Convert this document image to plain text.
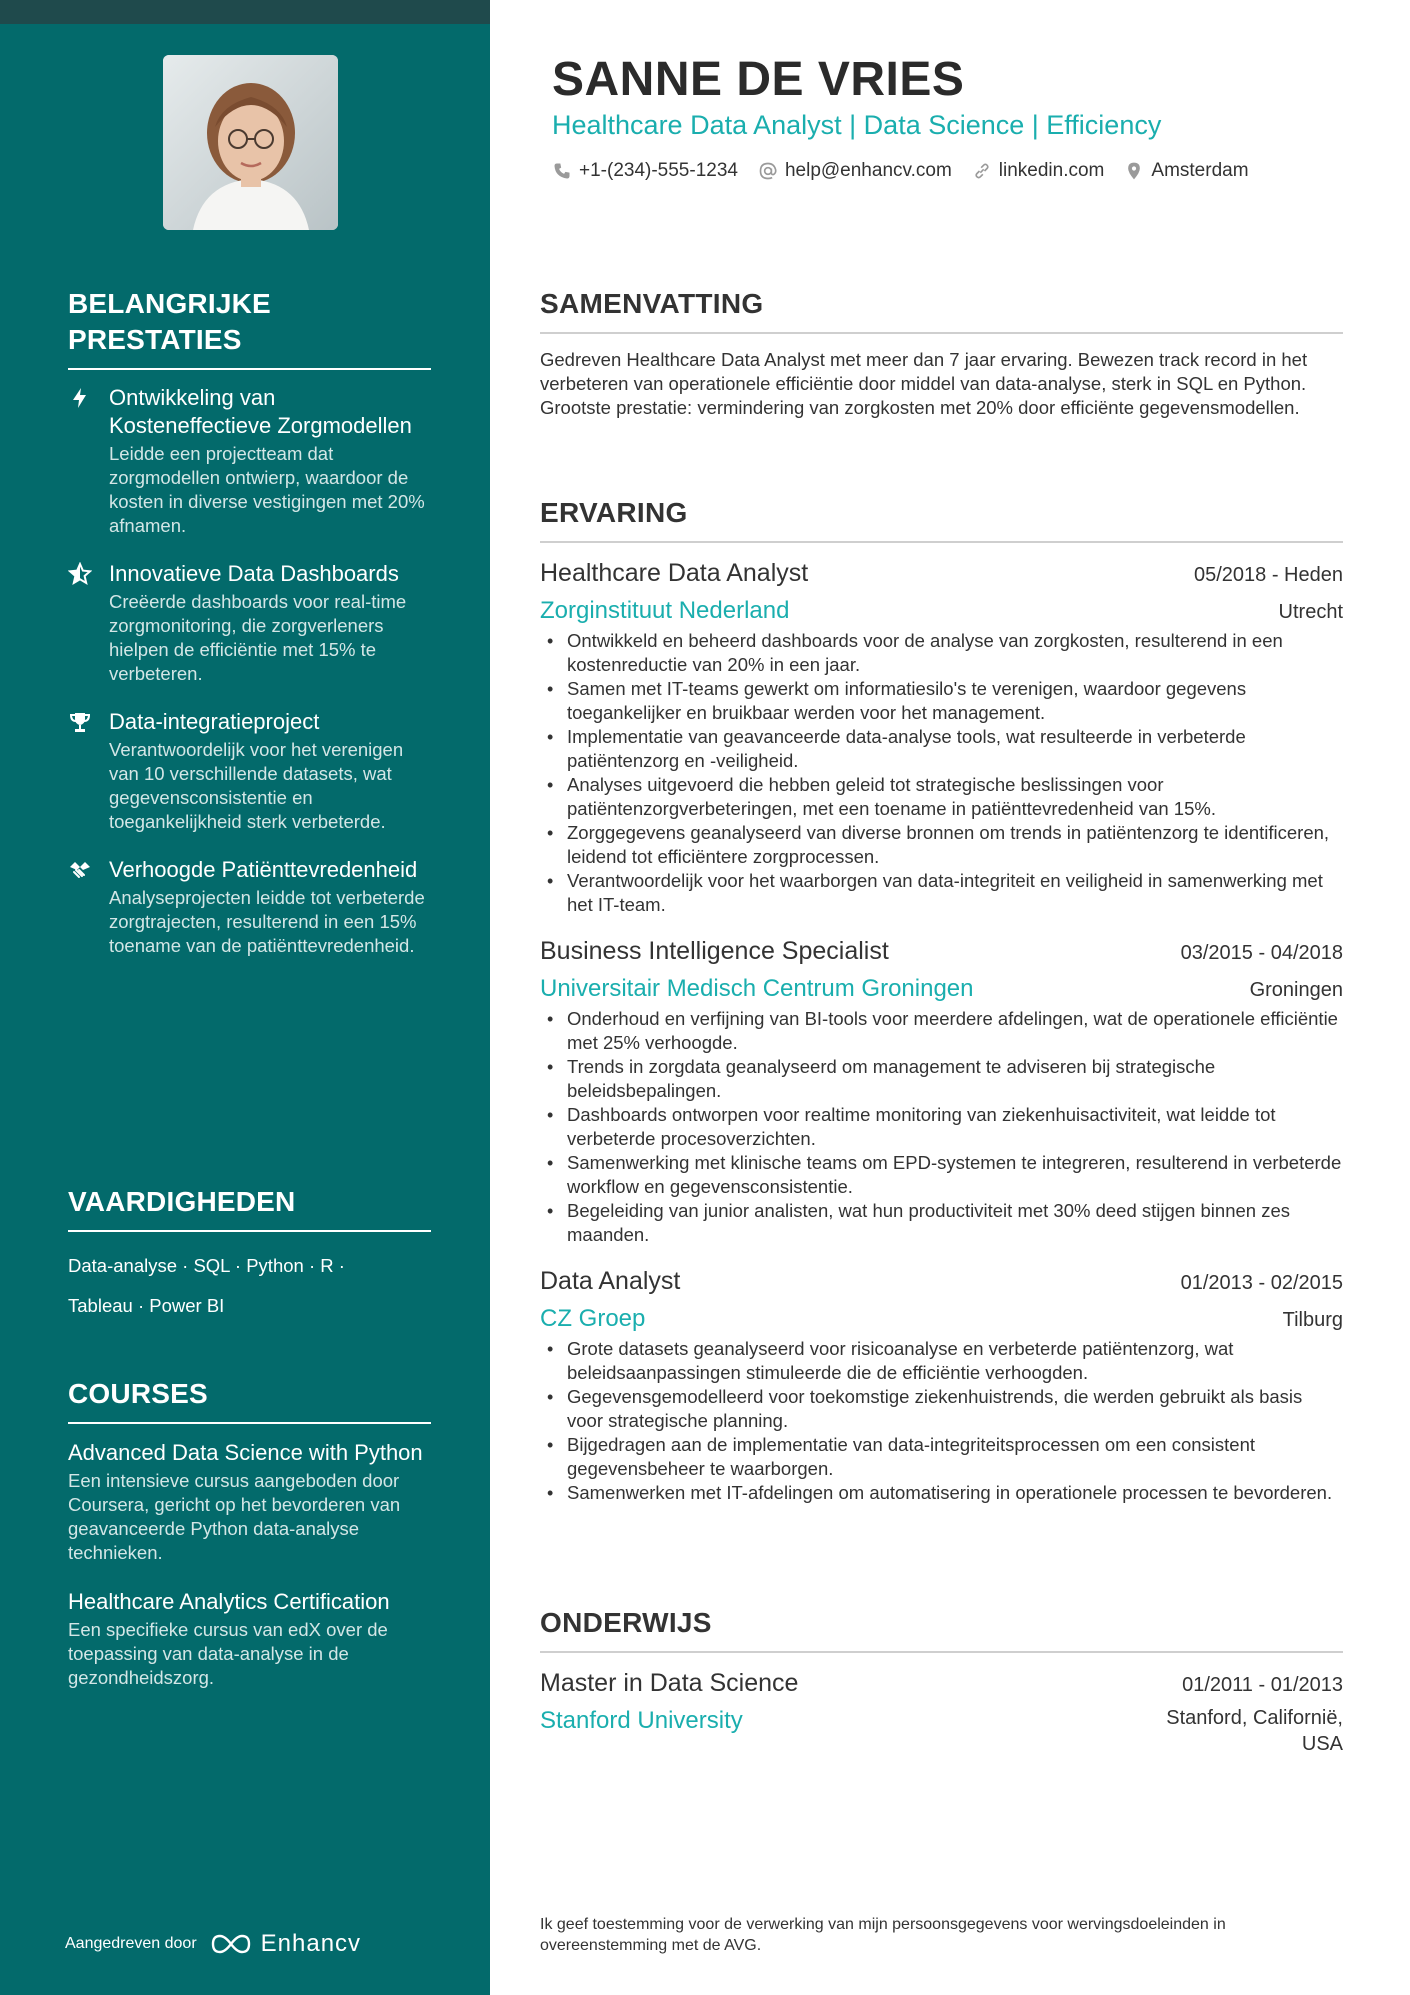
BELANGRIJKE
PRESTATIES
Ontwikkeling van Kosteneffectieve Zorgmodellen
Leidde een projectteam dat zorgmodellen ontwierp, waardoor de kosten in diverse vestigingen met 20% afnamen.
Innovatieve Data Dashboards
Creëerde dashboards voor real-time zorgmonitoring, die zorgverleners hielpen de efficiëntie met 15% te verbeteren.
Data-integratieproject
Verantwoordelijk voor het verenigen van 10 verschillende datasets, wat gegevensconsistentie en toegankelijkheid sterk verbeterde.
Verhoogde Patiënttevredenheid
Analyseprojecten leidde tot verbeterde zorgtrajecten, resulterend in een 15% toename van de patiënttevredenheid.
VAARDIGHEDEN
Data-analyse · SQL · Python · R ·
Tableau · Power BI
COURSES
Advanced Data Science with Python
Een intensieve cursus aangeboden door Coursera, gericht op het bevorderen van geavanceerde Python data-analyse technieken.
Healthcare Analytics Certification
Een specifieke cursus van edX over de toepassing van data-analyse in de gezondheidszorg.
Aangedreven door	Enhancv
SANNE DE VRIES
Healthcare Data Analyst | Data Science | Efficiency
+1-(234)-555-1234 help@enhancv.com linkedin.com Amsterdam
SAMENVATTING

Gedreven Healthcare Data Analyst met meer dan 7 jaar ervaring. Bewezen track record in het verbeteren van operationele efficiëntie door middel van data-analyse, sterk in SQL en Python. Grootste prestatie: vermindering van zorgkosten met 20% door efficiënte gegevensmodellen.

ERVARING
Healthcare Data Analyst	05/2018 - Heden
Zorginstituut Nederland	Utrecht
• Ontwikkeld en beheerd dashboards voor de analyse van zorgkosten, resulterend in een kostenreductie van 20% in een jaar.
• Samen met IT-teams gewerkt om informatiesilo's te verenigen, waardoor gegevens toegankelijker en bruikbaar werden voor het management.
• Implementatie van geavanceerde data-analyse tools, wat resulteerde in verbeterde patiëntenzorg en -veiligheid.
• Analyses uitgevoerd die hebben geleid tot strategische beslissingen voor patiëntenzorgverbeteringen, met een toename in patiënttevredenheid van 15%.
• Zorggegevens geanalyseerd van diverse bronnen om trends in patiëntenzorg te identificeren, leidend tot efficiëntere zorgprocessen.
• Verantwoordelijk voor het waarborgen van data-integriteit en veiligheid in samenwerking met het IT-team.
Business Intelligence Specialist	03/2015 - 04/2018
Universitair Medisch Centrum Groningen	Groningen
• Onderhoud en verfijning van BI-tools voor meerdere afdelingen, wat de operationele efficiëntie met 25% verhoogde.
• Trends in zorgdata geanalyseerd om management te adviseren bij strategische beleidsbepalingen.
• Dashboards ontworpen voor realtime monitoring van ziekenhuisactiviteit, wat leidde tot verbeterde procesoverzichten.
• Samenwerking met klinische teams om EPD-systemen te integreren, resulterend in verbeterde workflow en gegevensconsistentie.
• Begeleiding van junior analisten, wat hun productiviteit met 30% deed stijgen binnen zes maanden.
Data Analyst	01/2013 - 02/2015
CZ Groep	Tilburg
• Grote datasets geanalyseerd voor risicoanalyse en verbeterde patiëntenzorg, wat beleidsaanpassingen stimuleerde die de efficiëntie verhoogden.
• Gegevensgemodelleerd voor toekomstige ziekenhuistrends, die werden gebruikt als basis voor strategische planning.
• Bijgedragen aan de implementatie van data-integriteitsprocessen om een consistent gegevensbeheer te waarborgen.
• Samenwerken met IT-afdelingen om automatisering in operationele processen te bevorderen.
ONDERWIJS
Master in Data Science	01/2011 - 01/2013
Stanford University	Stanford, Californië,
USA
Ik geef toestemming voor de verwerking van mijn persoonsgegevens voor wervingsdoeleinden in overeenstemming met de AVG.
